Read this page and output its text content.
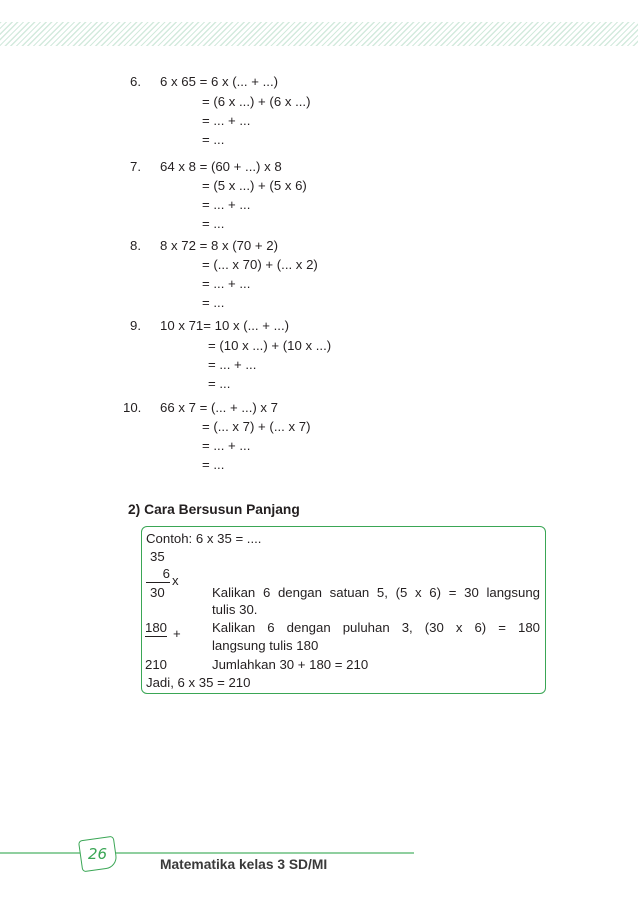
6. 6 x 65 = 6 x (... + ...)
= (6 x ...) + (6 x ...)
= ... + ...
= ...
7. 64 x 8 = (60 + ...) x 8
= (5 x ...) + (5 x 6)
= ... + ...
= ...
8. 8 x 72 = 8 x (70 + 2)
= (... x 70) + (... x 2)
= ... + ...
= ...
9. 10 x 71= 10 x (... + ...)
= (10 x ...) + (10 x ...)
= ... + ...
= ...
10. 66 x 7 = (... + ...) x 7
= (... x 7) + (... x 7)
= ... + ...
= ...
2) Cara Bersusun Panjang
Contoh: 6 x 35 = ....
35
6 x
30
180 +
210
Kalikan 6 dengan satuan 5, (5 x 6) = 30 langsung
tulis 30.
Kalikan 6 dengan puluhan 3, (30 x 6) = 180
langsung tulis 180
Jumlahkan 30 + 180 = 210
Jadi, 6 x 35 = 210
26
Matematika kelas 3 SD/MI
